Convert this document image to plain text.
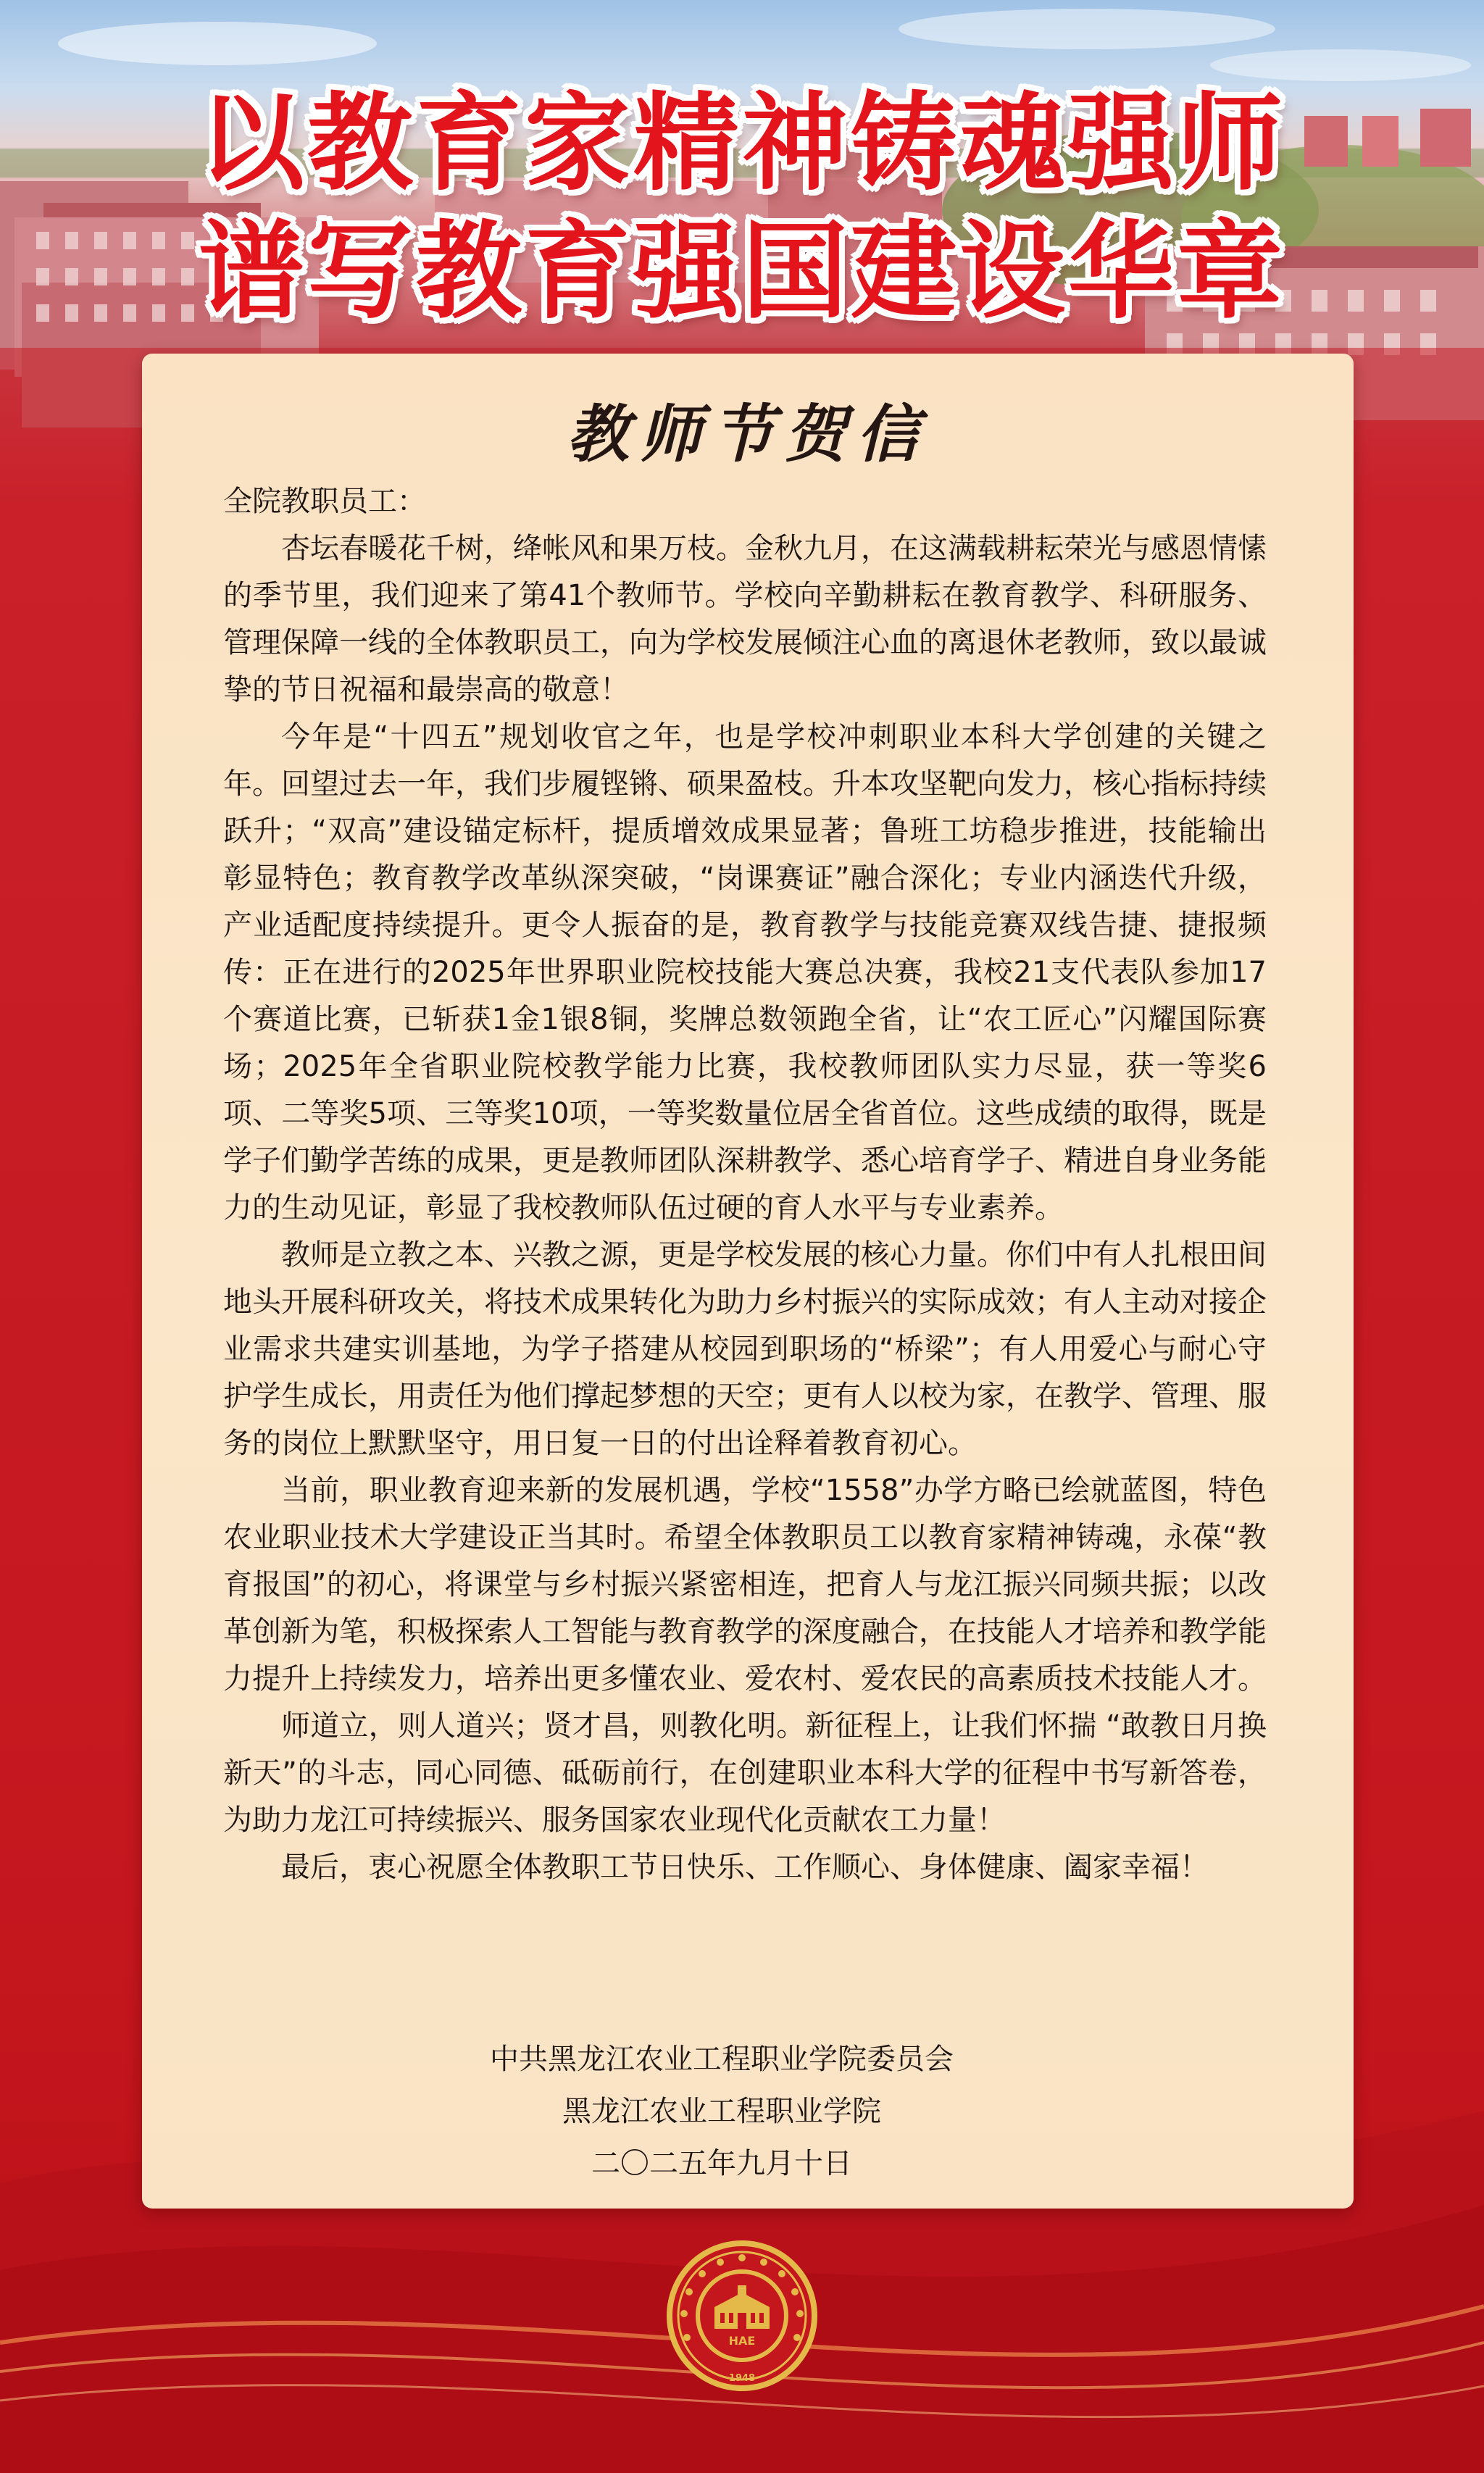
以教育家精神铸魂强师
谱写教育强国建设华章
教师节贺信

全院教职员工：

杏坛春暖花千树，绛帐风和果万枝。金秋九月，在这满载耕耘荣光与感恩情愫的季节里，我们迎来了第41个教师节。学校向辛勤耕耘在教育教学、科研服务、管理保障一线的全体教职员工，向为学校发展倾注心血的离退休老教师，致以最诚挚的节日祝福和最崇高的敬意！

今年是“十四五”规划收官之年，也是学校冲刺职业本科大学创建的关键之年。回望过去一年，我们步履铿锵、硕果盈枝。升本攻坚靶向发力，核心指标持续跃升；“双高”建设锚定标杆，提质增效成果显著；鲁班工坊稳步推进，技能输出彰显特色；教育教学改革纵深突破，“岗课赛证”融合深化；专业内涵迭代升级，产业适配度持续提升。更令人振奋的是，教育教学与技能竞赛双线告捷、捷报频传：正在进行的2025年世界职业院校技能大赛总决赛，我校21支代表队参加17个赛道比赛，已斩获1金1银8铜，奖牌总数领跑全省，让“农工匠心”闪耀国际赛场；2025年全省职业院校教学能力比赛，我校教师团队实力尽显，获一等奖6项、二等奖5项、三等奖10项，一等奖数量位居全省首位。这些成绩的取得，既是学子们勤学苦练的成果，更是教师团队深耕教学、悉心培育学子、精进自身业务能力的生动见证，彰显了我校教师队伍过硬的育人水平与专业素养。

教师是立教之本、兴教之源，更是学校发展的核心力量。你们中有人扎根田间地头开展科研攻关，将技术成果转化为助力乡村振兴的实际成效；有人主动对接企业需求共建实训基地，为学子搭建从校园到职场的“桥梁”；有人用爱心与耐心守护学生成长，用责任为他们撑起梦想的天空；更有人以校为家，在教学、管理、服务的岗位上默默坚守，用日复一日的付出诠释着教育初心。

当前，职业教育迎来新的发展机遇，学校“1558”办学方略已绘就蓝图，特色农业职业技术大学建设正当其时。希望全体教职员工以教育家精神铸魂，永葆“教育报国”的初心，将课堂与乡村振兴紧密相连，把育人与龙江振兴同频共振；以改革创新为笔，积极探索人工智能与教育教学的深度融合，在技能人才培养和教学能力提升上持续发力，培养出更多懂农业、爱农村、爱农民的高素质技术技能人才。

师道立，则人道兴；贤才昌，则教化明。新征程上，让我们怀揣 “敢教日月换新天”的斗志，同心同德、砥砺前行，在创建职业本科大学的征程中书写新答卷，为助力龙江可持续振兴、服务国家农业现代化贡献农工力量！

最后，衷心祝愿全体教职工节日快乐、工作顺心、身体健康、阖家幸福！

中共黑龙江农业工程职业学院委员会
黑龙江农业工程职业学院
二〇二五年九月十日
HAE
1948
